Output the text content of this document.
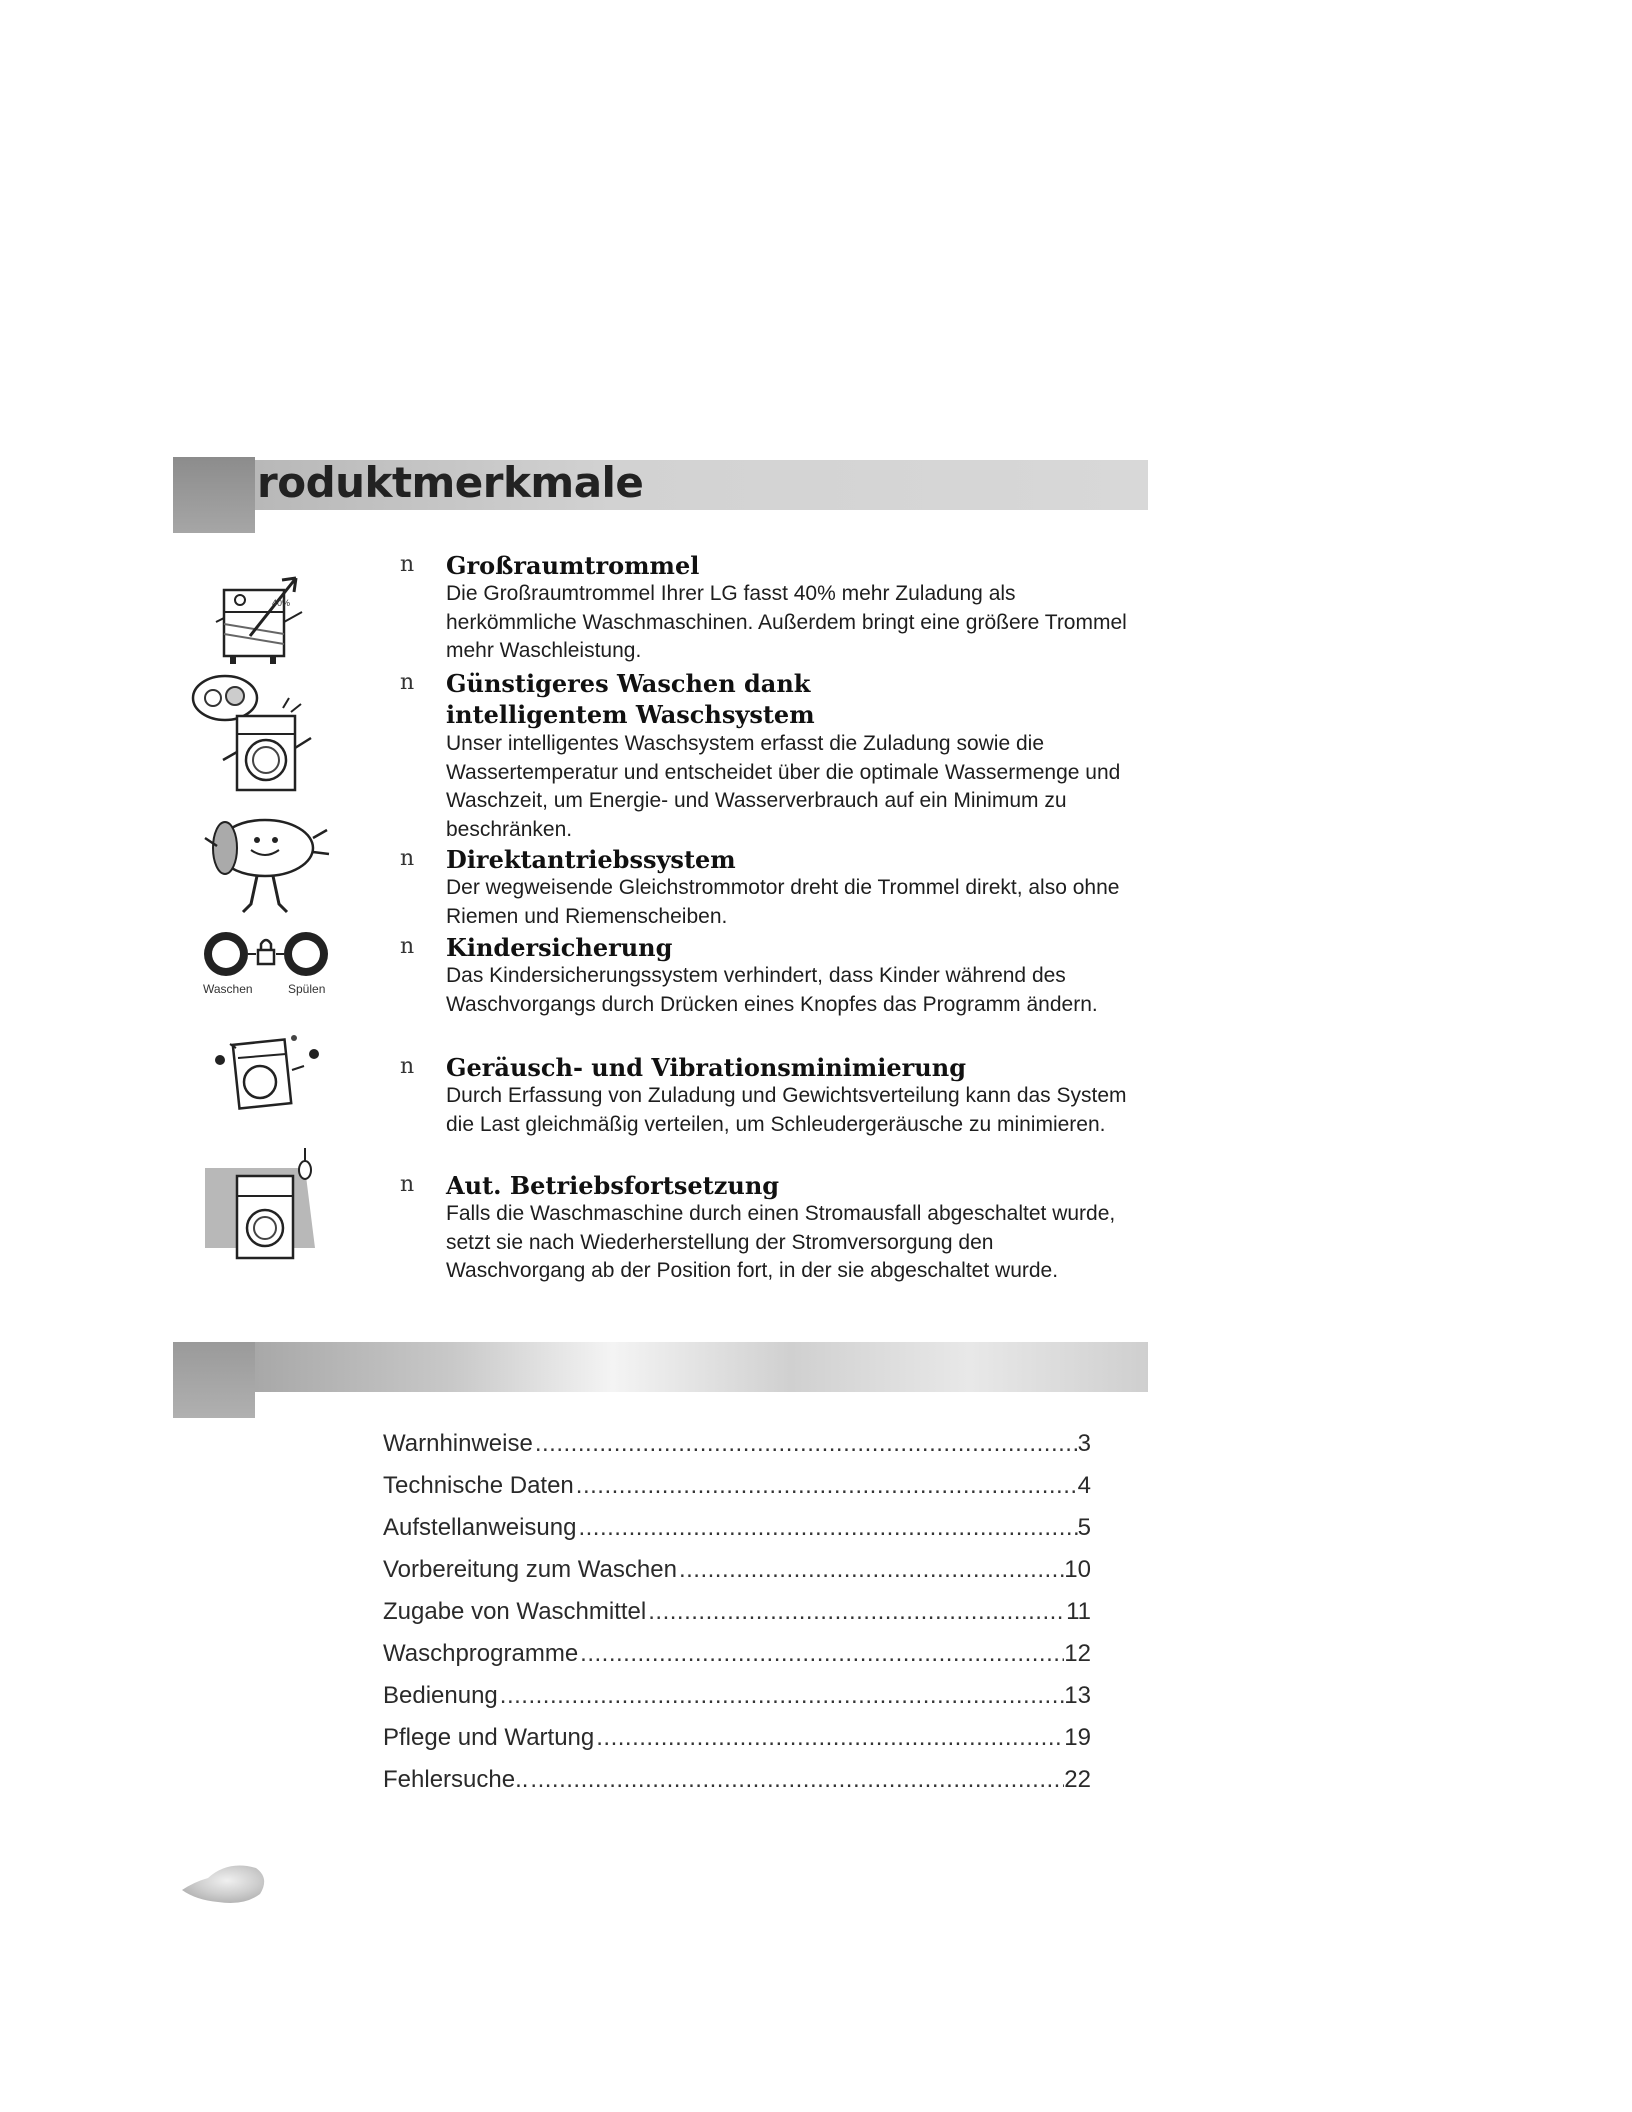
roduktmerkmale
40%
Waschen	Spülen
n Großraumtrommel
Die Großraumtrommel Ihrer LG fasst 40% mehr Zuladung als herkömmliche Waschmaschinen. Außerdem bringt eine größere Trommel mehr Waschleistung.
n Günstigeres Waschen dank intelligentem Waschsystem
Unser intelligentes Waschsystem erfasst die Zuladung sowie die Wassertemperatur und entscheidet über die optimale Wassermenge und Waschzeit, um Energie- und Wasserverbrauch auf ein Minimum zu beschränken.
n Direktantriebssystem
Der wegweisende Gleichstrommotor dreht die Trommel direkt, also ohne Riemen und Riemenscheiben.
n Kindersicherung
Das Kindersicherungssystem verhindert, dass Kinder während des Waschvorgangs durch Drücken eines Knopfes das Programm ändern.
n Geräusch- und Vibrationsminimierung
Durch Erfassung von Zuladung und Gewichtsverteilung kann das System die Last gleichmäßig verteilen, um Schleudergeräusche zu minimieren.
n Aut. Betriebsfortsetzung
Falls die Waschmaschine durch einen Stromausfall abgeschaltet wurde, setzt sie nach Wiederherstellung der Stromversorgung den Waschvorgang ab der Position fort, in der sie abgeschaltet wurde.
Warnhinweise .....	3
Technische Daten .....	4
Aufstellanweisung .....	5
Vorbereitung zum Waschen .....	10
Zugabe von Waschmittel .....	11
Waschprogramme .....	12
Bedienung .....	13
Pflege und Wartung .....	19
Fehlersuche.. .....	22
